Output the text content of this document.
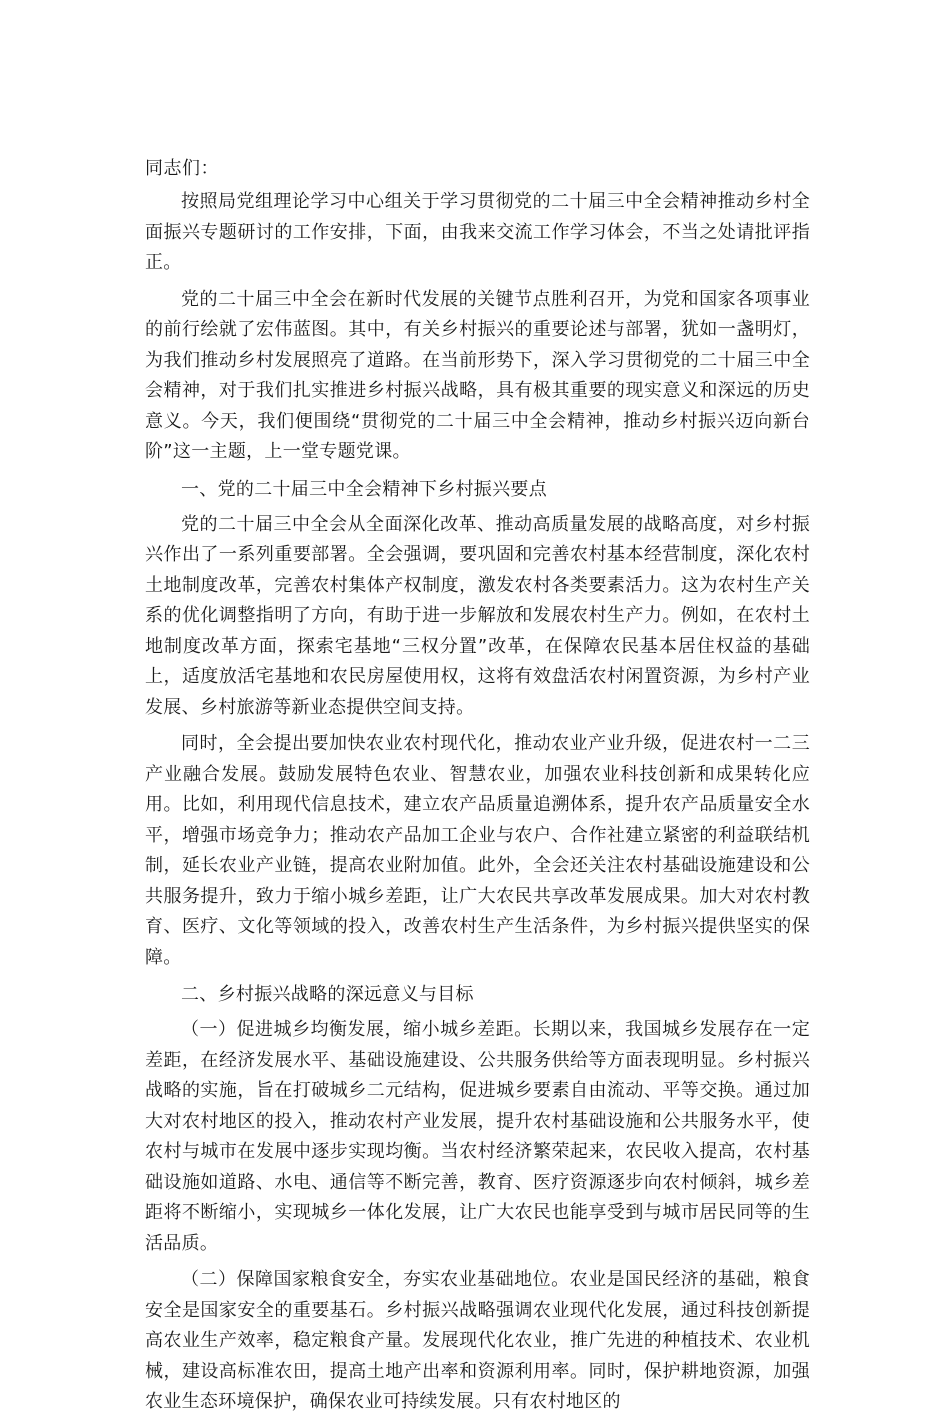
同志们：

按照局党组理论学习中心组关于学习贯彻党的二十届三中全会精神推动乡村全面振兴专题研讨的工作安排，下面，由我来交流工作学习体会，不当之处请批评指正。

党的二十届三中全会在新时代发展的关键节点胜利召开，为党和国家各项事业的前行绘就了宏伟蓝图。其中，有关乡村振兴的重要论述与部署，犹如一盏明灯，为我们推动乡村发展照亮了道路。在当前形势下，深入学习贯彻党的二十届三中全会精神，对于我们扎实推进乡村振兴战略，具有极其重要的现实意义和深远的历史意义。今天，我们便围绕“贯彻党的二十届三中全会精神，推动乡村振兴迈向新台阶”这一主题，上一堂专题党课。

一、党的二十届三中全会精神下乡村振兴要点

党的二十届三中全会从全面深化改革、推动高质量发展的战略高度，对乡村振兴作出了一系列重要部署。全会强调，要巩固和完善农村基本经营制度，深化农村土地制度改革，完善农村集体产权制度，激发农村各类要素活力。这为农村生产关系的优化调整指明了方向，有助于进一步解放和发展农村生产力。例如，在农村土地制度改革方面，探索宅基地“三权分置”改革，在保障农民基本居住权益的基础上，适度放活宅基地和农民房屋使用权，这将有效盘活农村闲置资源，为乡村产业发展、乡村旅游等新业态提供空间支持。

同时，全会提出要加快农业农村现代化，推动农业产业升级，促进农村一二三产业融合发展。鼓励发展特色农业、智慧农业，加强农业科技创新和成果转化应用。比如，利用现代信息技术，建立农产品质量追溯体系，提升农产品质量安全水平，增强市场竞争力；推动农产品加工企业与农户、合作社建立紧密的利益联结机制，延长农业产业链，提高农业附加值。此外，全会还关注农村基础设施建设和公共服务提升，致力于缩小城乡差距，让广大农民共享改革发展成果。加大对农村教育、医疗、文化等领域的投入，改善农村生产生活条件，为乡村振兴提供坚实的保障。

二、乡村振兴战略的深远意义与目标

（一）促进城乡均衡发展，缩小城乡差距。长期以来，我国城乡发展存在一定差距，在经济发展水平、基础设施建设、公共服务供给等方面表现明显。乡村振兴战略的实施，旨在打破城乡二元结构，促进城乡要素自由流动、平等交换。通过加大对农村地区的投入，推动农村产业发展，提升农村基础设施和公共服务水平，使农村与城市在发展中逐步实现均衡。当农村经济繁荣起来，农民收入提高，农村基础设施如道路、水电、通信等不断完善，教育、医疗资源逐步向农村倾斜，城乡差距将不断缩小，实现城乡一体化发展，让广大农民也能享受到与城市居民同等的生活品质。

（二）保障国家粮食安全，夯实农业基础地位。农业是国民经济的基础，粮食安全是国家安全的重要基石。乡村振兴战略强调农业现代化发展，通过科技创新提高农业生产效率，稳定粮食产量。发展现代化农业，推广先进的种植技术、农业机械，建设高标准农田，提高土地产出率和资源利用率。同时，保护耕地资源，加强农业生态环境保护，确保农业可持续发展。只有农村地区的
